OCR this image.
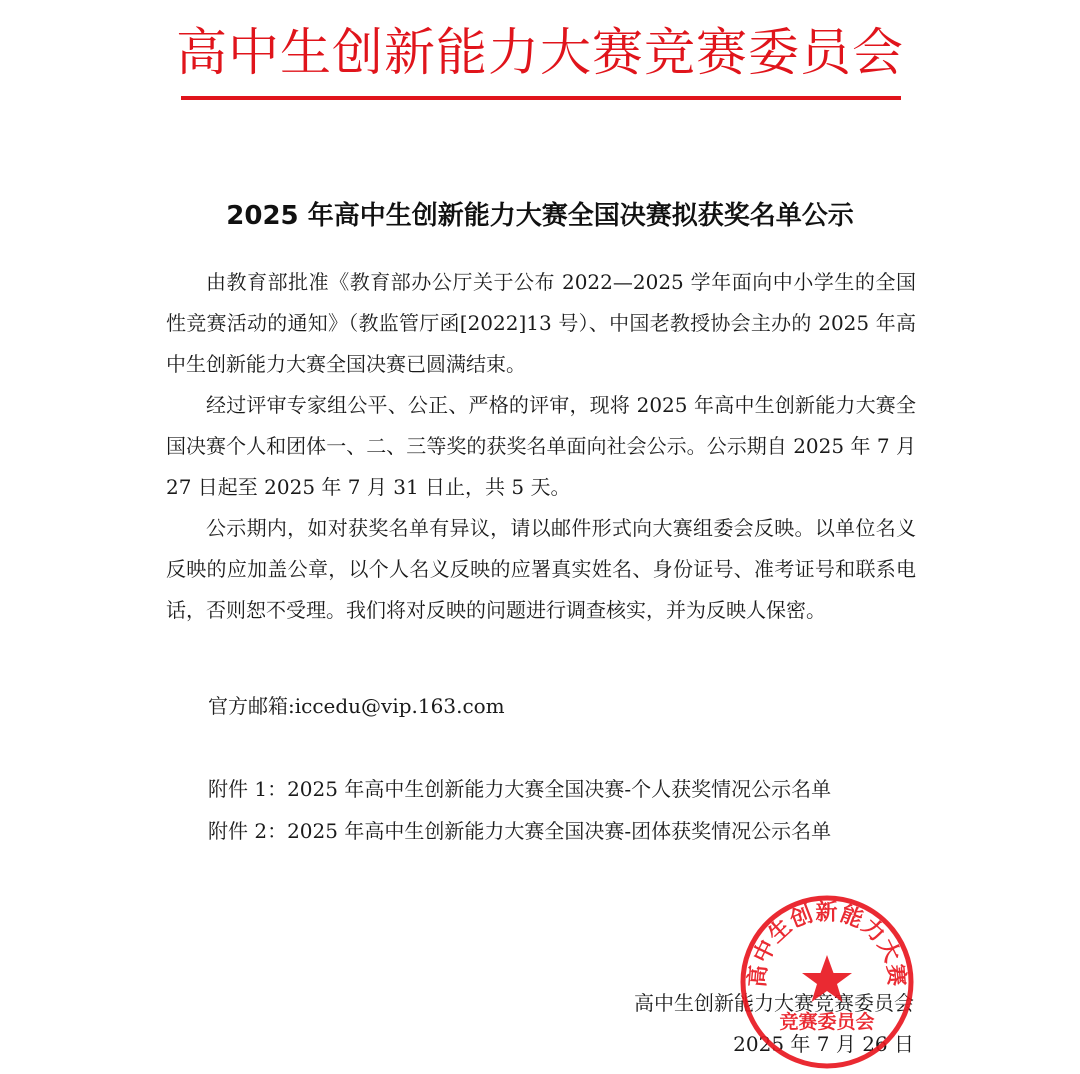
高中生创新能力大赛竞赛委员会
2025 年高中生创新能力大赛全国决赛拟获奖名单公示

由教育部批准《教育部办公厅关于公布 2022—2025 学年面向中小学生的全国性竞赛活动的通知》（教监管厅函[2022]13 号）、中国老教授协会主办的 2025 年高中生创新能力大赛全国决赛已圆满结束。

经过评审专家组公平、公正、严格的评审，现将 2025 年高中生创新能力大赛全国决赛个人和团体一、二、三等奖的获奖名单面向社会公示。公示期自 2025 年 7 月 27 日起至 2025 年 7 月 31 日止，共 5 天。

公示期内，如对获奖名单有异议，请以邮件形式向大赛组委会反映。以单位名义反映的应加盖公章，以个人名义反映的应署真实姓名、身份证号、准考证号和联系电话，否则恕不受理。我们将对反映的问题进行调查核实，并为反映人保密。

官方邮箱:iccedu@vip.163.com
附件 1：2025 年高中生创新能力大赛全国决赛-个人获奖情况公示名单
附件 2：2025 年高中生创新能力大赛全国决赛-团体获奖情况公示名单
高中生创新能力大赛竞赛委员会
2025 年 7 月 26 日
高中生创新能力大赛
竞赛委员会
